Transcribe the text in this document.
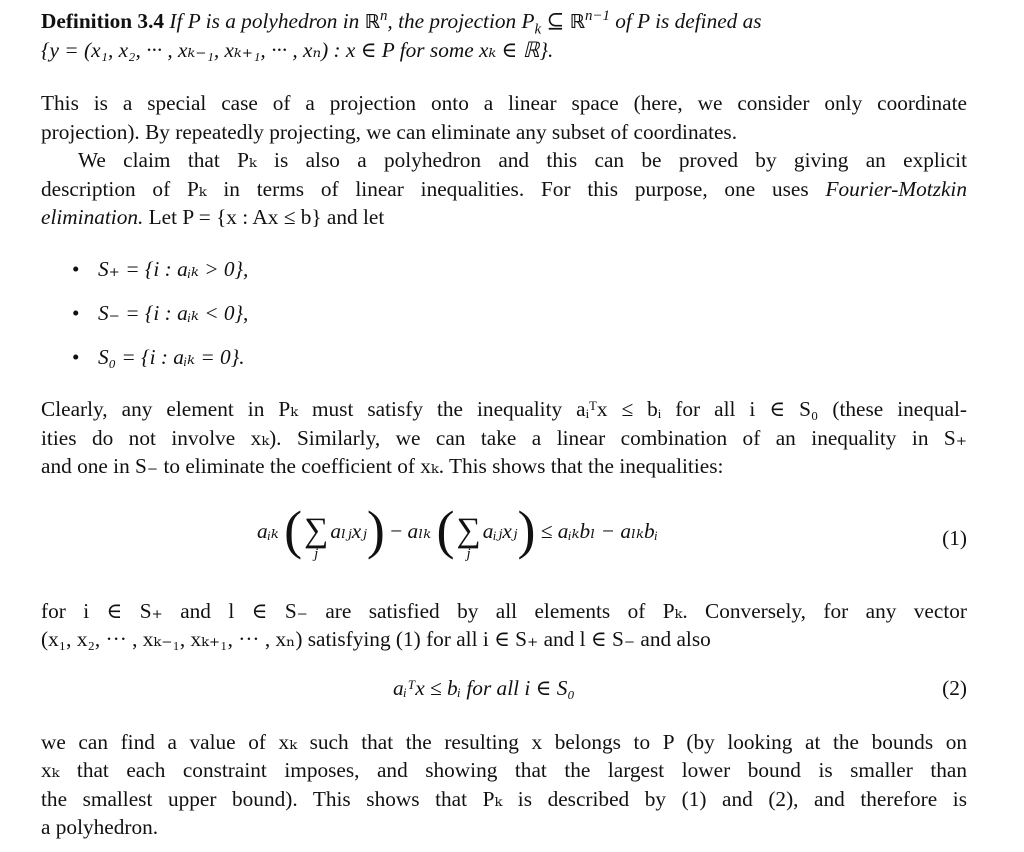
Definition 3.4 If P is a polyhedron in ℝ$^n$, the projection $P_k$ ⊆ ℝ$^{n-1}$ of P is defined as
{y = (x₁, x₂, ··· , xₖ₋₁, xₖ₊₁, ··· , xₙ) : x ∈ P for some xₖ ∈ ℝ}.
This is a special case of a projection onto a linear space (here, we consider only coordinate
projection). By repeatedly projecting, we can eliminate any subset of coordinates.
We claim that Pₖ is also a polyhedron and this can be proved by giving an explicit
description of Pₖ in terms of linear inequalities. For this purpose, one uses Fourier-Motzkin
elimination. Let P = {x : Ax ≤ b} and let
• S₊ = {i : aᵢₖ > 0},
• S₋ = {i : aᵢₖ < 0},
• S₀ = {i : aᵢₖ = 0}.
Clearly, any element in Pₖ must satisfy the inequality aᵢᵀx ≤ bᵢ for all i ∈ S₀ (these inequal-
ities do not involve xₖ). Similarly, we can take a linear combination of an inequality in S₊
and one in S₋ to eliminate the coefficient of xₖ. This shows that the inequalities:
aᵢₖ ( ∑
j
aₗⱼxⱼ) − aₗₖ ( ∑
j
aᵢⱼxⱼ) ≤ aᵢₖbₗ − aₗₖbᵢ	(1)
for i ∈ S₊ and l ∈ S₋ are satisfied by all elements of Pₖ. Conversely, for any vector
(x₁, x₂, ··· , xₖ₋₁, xₖ₊₁, ··· , xₙ) satisfying (1) for all i ∈ S₊ and l ∈ S₋ and also
aᵢᵀx ≤ bᵢ for all i ∈ S₀	(2)
we can find a value of xₖ such that the resulting x belongs to P (by looking at the bounds on
xₖ that each constraint imposes, and showing that the largest lower bound is smaller than
the smallest upper bound). This shows that Pₖ is described by (1) and (2), and therefore is
a polyhedron.
